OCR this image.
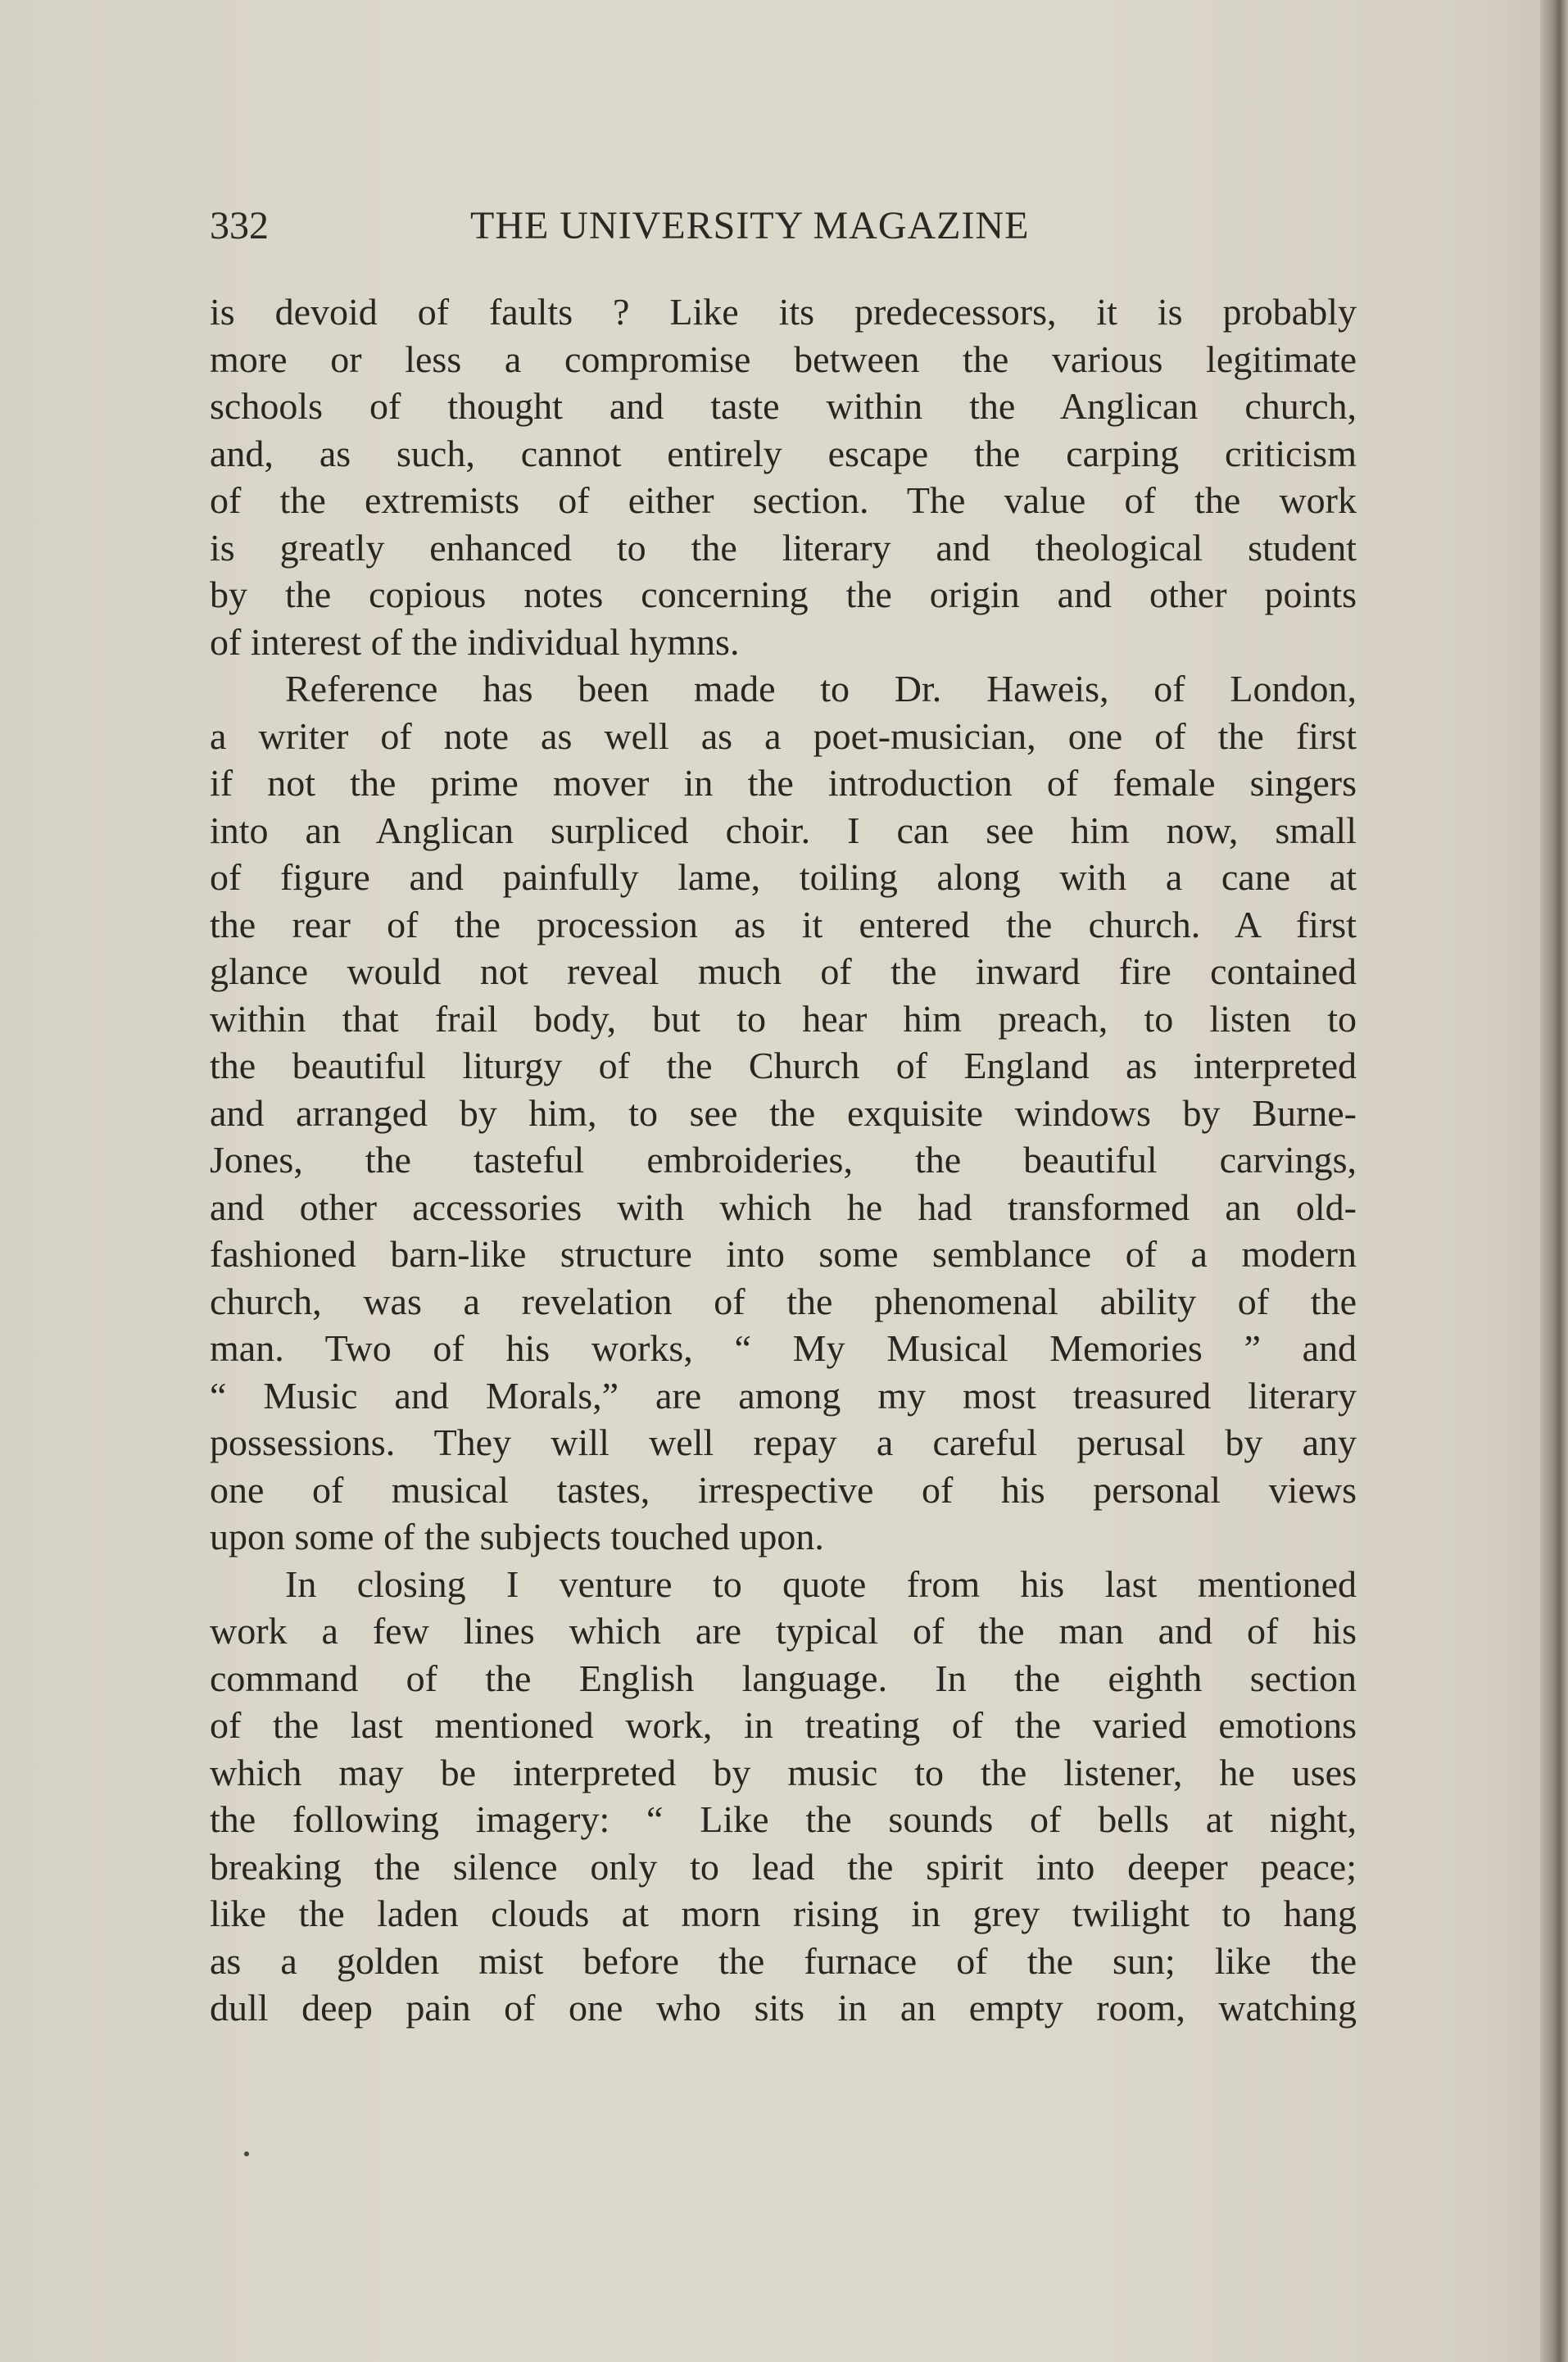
332	THE UNIVERSITY MAGAZINE
is devoid of faults ? Like its predecessors, it is probably
more or less a compromise between the various legitimate
schools of thought and taste within the Anglican church,
and, as such, cannot entirely escape the carping criticism
of the extremists of either section. The value of the work
is greatly enhanced to the literary and theological student
by the copious notes concerning the origin and other points
of interest of the individual hymns.
Reference has been made to Dr. Haweis, of London,
a writer of note as well as a poet-musician, one of the first
if not the prime mover in the introduction of female singers
into an Anglican surpliced choir. I can see him now, small
of figure and painfully lame, toiling along with a cane at
the rear of the procession as it entered the church. A first
glance would not reveal much of the inward fire contained
within that frail body, but to hear him preach, to listen to
the beautiful liturgy of the Church of England as interpreted
and arranged by him, to see the exquisite windows by Burne-
Jones, the tasteful embroideries, the beautiful carvings,
and other accessories with which he had transformed an old-
fashioned barn-like structure into some semblance of a modern
church, was a revelation of the phenomenal ability of the
man. Two of his works, “ My Musical Memories ” and
“ Music and Morals,” are among my most treasured literary
possessions. They will well repay a careful perusal by any
one of musical tastes, irrespective of his personal views
upon some of the subjects touched upon.
In closing I venture to quote from his last mentioned
work a few lines which are typical of the man and of his
command of the English language. In the eighth section
of the last mentioned work, in treating of the varied emotions
which may be interpreted by music to the listener, he uses
the following imagery: “ Like the sounds of bells at night,
breaking the silence only to lead the spirit into deeper peace;
like the laden clouds at morn rising in grey twilight to hang
as a golden mist before the furnace of the sun; like the
dull deep pain of one who sits in an empty room, watching
